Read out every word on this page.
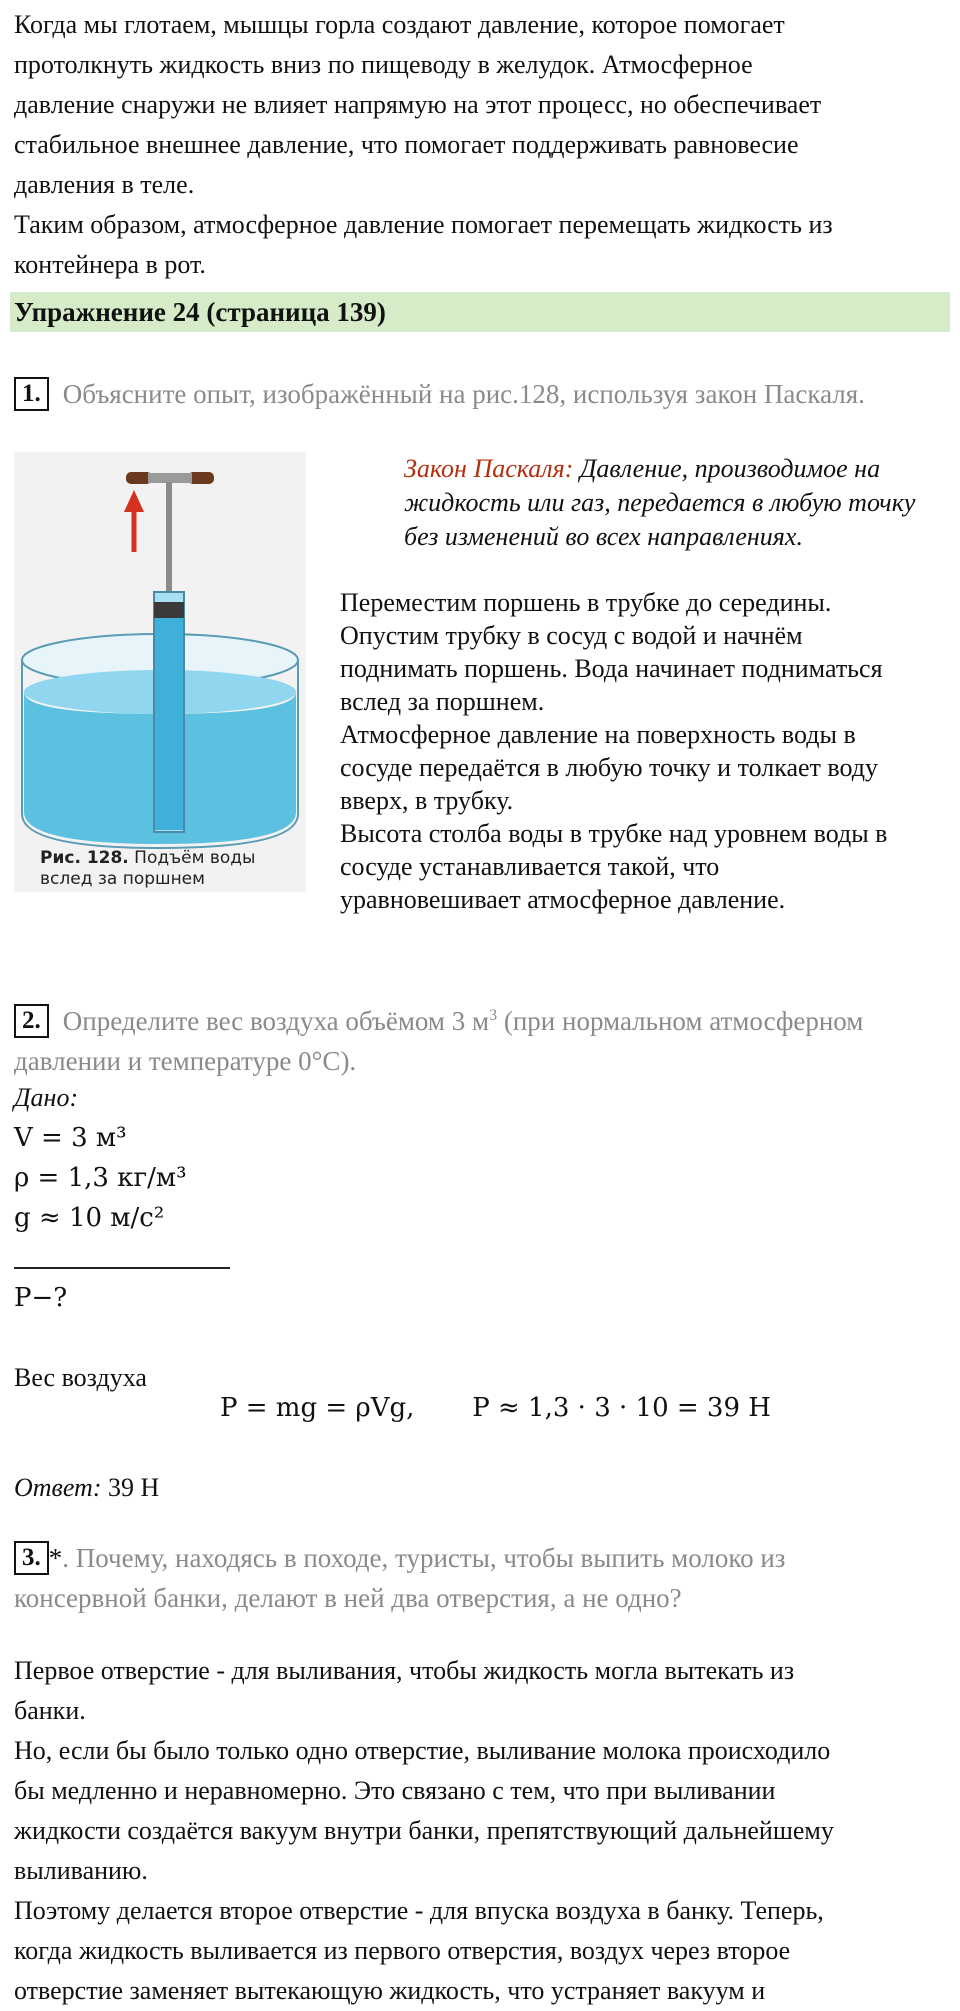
Когда мы глотаем, мышцы горла создают давление, которое помогает
протолкнуть жидкость вниз по пищеводу в желудок. Атмосферное
давление снаружи не влияет напрямую на этот процесс, но обеспечивает
стабильное внешнее давление, что помогает поддерживать равновесие
давления в теле.
Таким образом, атмосферное давление помогает перемещать жидкость из
контейнера в рот.
Упражнение 24 (страница 139)
1. Объясните опыт, изображённый на рис.128, используя закон Паскаля.
Рис. 128. Подъём воды
вслед за поршнем
Закон Паскаля: Давление, производимое на жидкость или газ, передается в любую точку без изменений во всех направлениях.
Переместим поршень в трубке до середины.
Опустим трубку в сосуд с водой и начнём
поднимать поршень. Вода начинает подниматься
вслед за поршнем.
Атмосферное давление на поверхность воды в
сосуде передаётся в любую точку и толкает воду
вверх, в трубку.
Высота столба воды в трубке над уровнем воды в
сосуде устанавливается такой, что
уравновешивает атмосферное давление.
2. Определите вес воздуха объёмом 3 $м^3$ (при нормальном атмосферном
давлении и температуре 0°С).
Дано:
V = 3 м³
ρ = 1,3 кг/м³
g ≈ 10 м/с²
P−?
Вес воздуха
P = mg = ρVg,       P ≈ 1,3 · 3 · 10 = 39 Н
Ответ: 39 Н
3. *. Почему, находясь в походе, туристы, чтобы выпить молоко из
консервной банки, делают в ней два отверстия, а не одно?
Первое отверстие - для выливания, чтобы жидкость могла вытекать из
банки.
Но, если бы было только одно отверстие, выливание молока происходило
бы медленно и неравномерно. Это связано с тем, что при выливании
жидкости создаётся вакуум внутри банки, препятствующий дальнейшему
выливанию.
Поэтому делается второе отверстие - для впуска воздуха в банку. Теперь,
когда жидкость выливается из первого отверстия, воздух через второе
отверстие заменяет вытекающую жидкость, что устраняет вакуум и
